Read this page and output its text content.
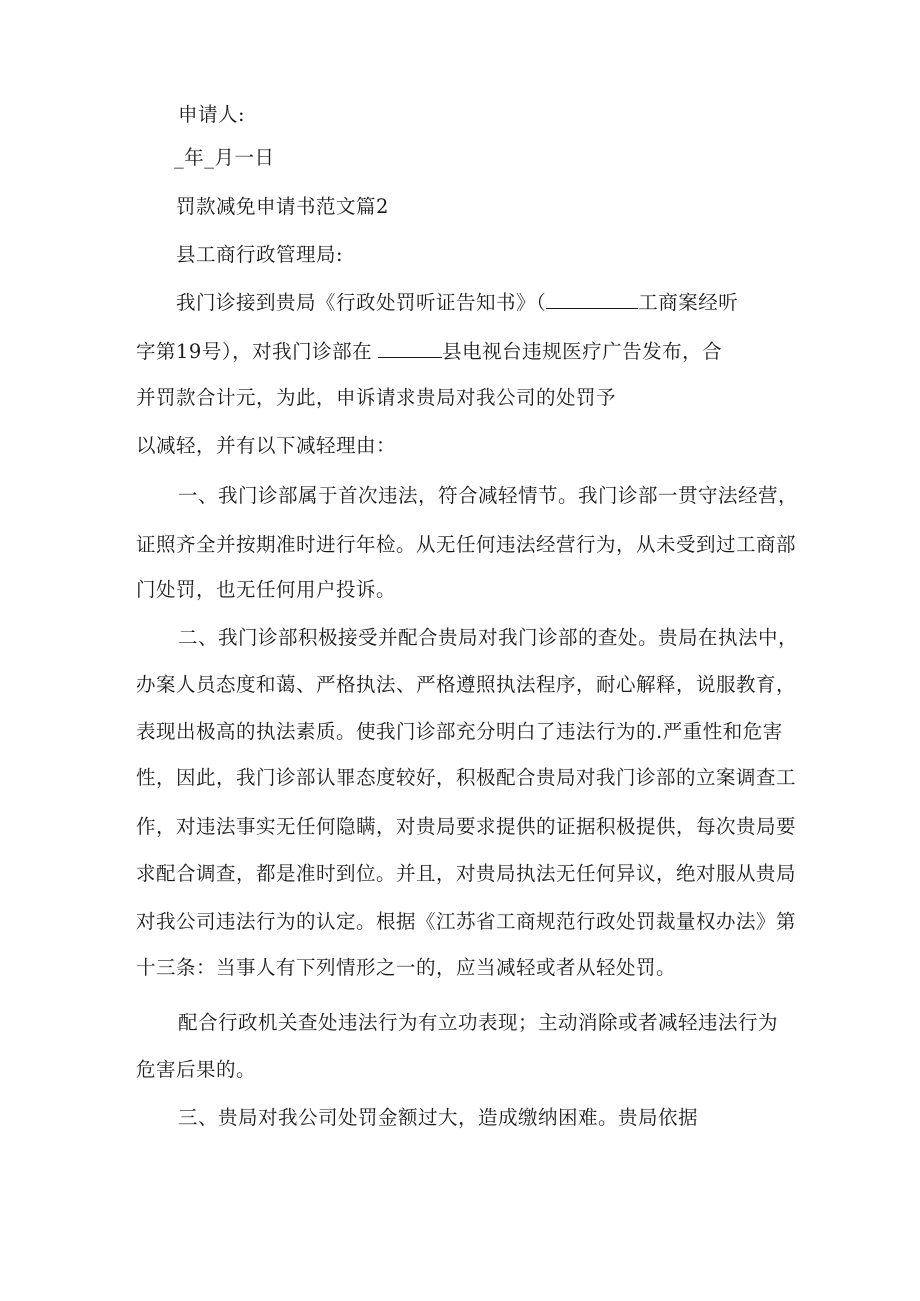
申请人:
_年_月一日
罚款减免申请书范文篇2
县工商行政管理局:
我门诊接到贵局《行政处罚听证告知书》（	工商案经听
字第19号），对我门诊部在	县电视台违规医疗广告发布，合
并罚款合计元，为此，申诉请求贵局对我公司的处罚予
以减轻，并有以下减轻理由：
一、我门诊部属于首次违法，符合减轻情节。我门诊部一贯守法经营，
证照齐全并按期准时进行年检。从无任何违法经营行为，从未受到过工商部
门处罚，也无任何用户投诉。
二、我门诊部积极接受并配合贵局对我门诊部的查处。贵局在执法中，
办案人员态度和蔼、严格执法、严格遵照执法程序，耐心解释，说服教育，
表现出极高的执法素质。使我门诊部充分明白了违法行为的.严重性和危害
性，因此，我门诊部认罪态度较好，积极配合贵局对我门诊部的立案调查工
作，对违法事实无任何隐瞒，对贵局要求提供的证据积极提供，每次贵局要
求配合调查，都是准时到位。并且，对贵局执法无任何异议，绝对服从贵局
对我公司违法行为的认定。根据《江苏省工商规范行政处罚裁量权办法》第
十三条：当事人有下列情形之一的，应当减轻或者从轻处罚。
配合行政机关查处违法行为有立功表现；主动消除或者减轻违法行为
危害后果的。
三、贵局对我公司处罚金额过大，造成缴纳困难。贵局依据
